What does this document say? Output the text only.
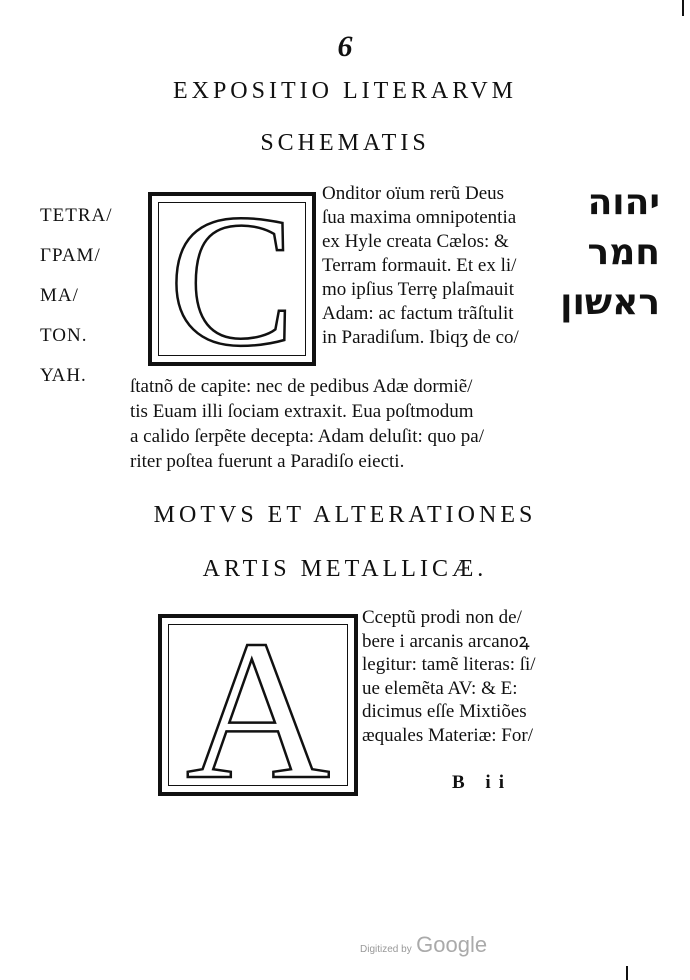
6
EXPOSITIO LITERARVM
SCHEMATIS
TETRA/
ΓΡΑΜ/
ΜΑ/
ΤΟΝ.
ΥΑΗ.
יהוה
חמר
ראשון
C	Onditor oïum rerũ Deus
ſua maxima omnipotentia
ex Hyle creata Cælos: &
Terram formauit. Et ex li/
mo ipſius Terrȩ plaſmauit
Adam: ac factum trãſtulit
in Paradiſum. Ibiqʒ de co/
ſtatnõ de capite: nec de pedibus Adæ dormiẽ/
tis Euam illi ſociam extraxit. Eua poſtmodum
a calido ſerpẽte decepta: Adam deluſit: quo pa/
riter poſtea fuerunt a Paradiſo eiecti.
MOTVS ET ALTERATIONES
ARTIS METALLICÆ.
A	Cceptũ prodi non de/
bere i arcanis arcanoꝝ
legitur: tamẽ literas: ſi/
ue elemẽta AV: & E:
dicimus eſſe Mixtiões
æquales Materiæ: For/
B ii
Digitized by Google
